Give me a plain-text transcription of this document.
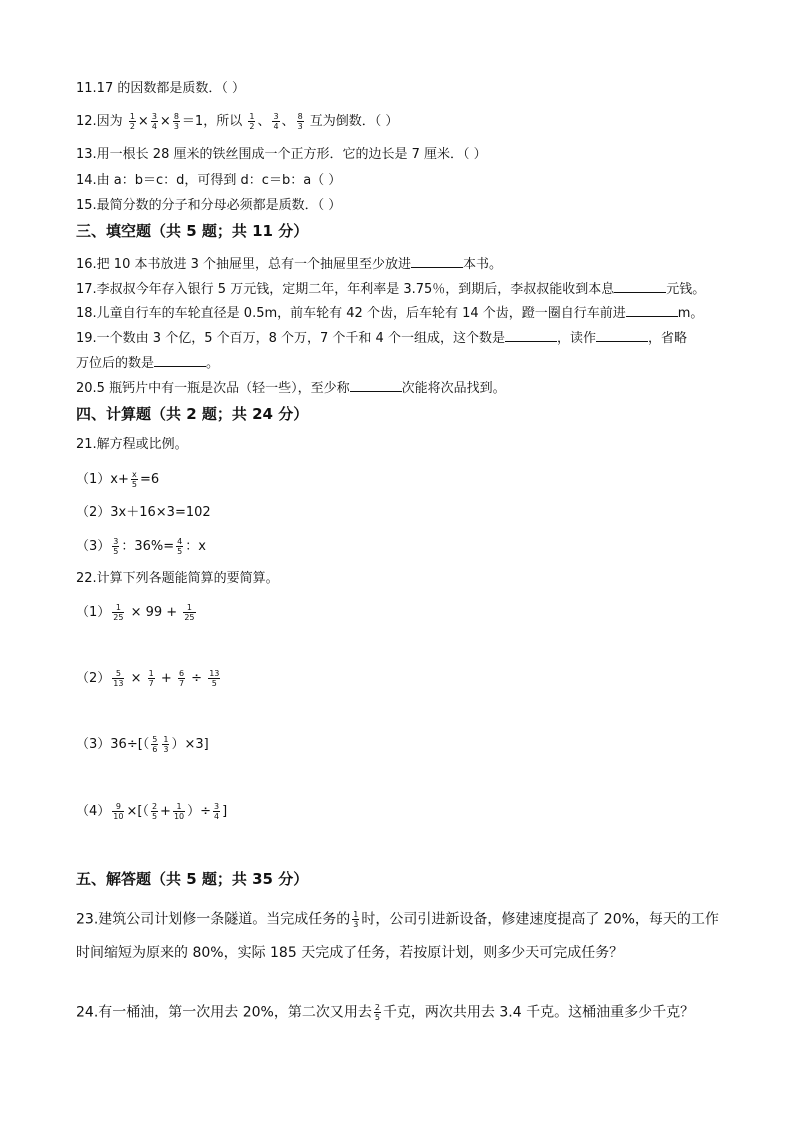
11.17 的因数都是质数．（ ）
12.因为 $\frac{1}{2} \times \frac{3}{4} \times \frac{8}{3} =1$，所以 $\frac{1}{2}$ 、 $\frac{3}{4}$ 、 $\frac{8}{3}$ 互为倒数．（ ）
13.用一根长 28 厘米的铁丝围成一个正方形．它的边长是 7 厘米．（ ）
14.由 a：b＝c：d，可得到 d：c＝b：a（ ）
15.最简分数的分子和分母必须都是质数．（ ）
三、填空题（共 5 题；共 11 分）
16.把 10 本书放进 3 个抽屉里，总有一个抽屉里至少放进	本书。
17.李叔叔今年存入银行 5 万元钱，定期二年，年利率是 3.75％，到期后，李叔叔能收到本息	元钱。
18.儿童自行车的车轮直径是 0.5m，前车轮有 42 个齿，后车轮有 14 个齿，蹬一圈自行车前进	m。
19.一个数由 3 个亿，5 个百万，8 个万，7 个千和 4 个一组成，这个数是	，读作	，省略
万位后的数是	。
20.5 瓶钙片中有一瓶是次品（轻一些），至少称	次能将次品找到。
四、计算题（共 2 题；共 24 分）
21.解方程或比例。
$(1)x+ \frac{x}{5} =6$
（2）3x＋16×3=102
$(3) \frac{3}{5}$ ：$36\%= \frac{4}{5}$ ：x
22.计算下列各题能简算的要简算。
$(1) \frac{1}{25} \times 99 + \frac{1}{25}$
$(2) \frac{5}{13} \times \frac{1}{7} + \frac{6}{7} \div \frac{13}{5}$
$(3)36\div[( \frac{5}{6} \frac{1}{3} )\times 3]$
$(4) \frac{9}{10}$ ×[（ $\frac{2}{5} + \frac{1}{10}$ ）÷ $\frac{3}{4}$ ]
五、解答题（共 5 题；共 35 分）
23.建筑公司计划修一条隧道。当完成任务的 $\frac{1}{3}$ 时，公司引进新设备，修建速度提高了 20%，每天的工作
时间缩短为原来的 80%，实际 185 天完成了任务，若按原计划，则多少天可完成任务？
24.有一桶油，第一次用去 20%，第二次又用去 $\frac{2}{5}$ 千克，两次共用去 3.4 千克。这桶油重多少千克？
